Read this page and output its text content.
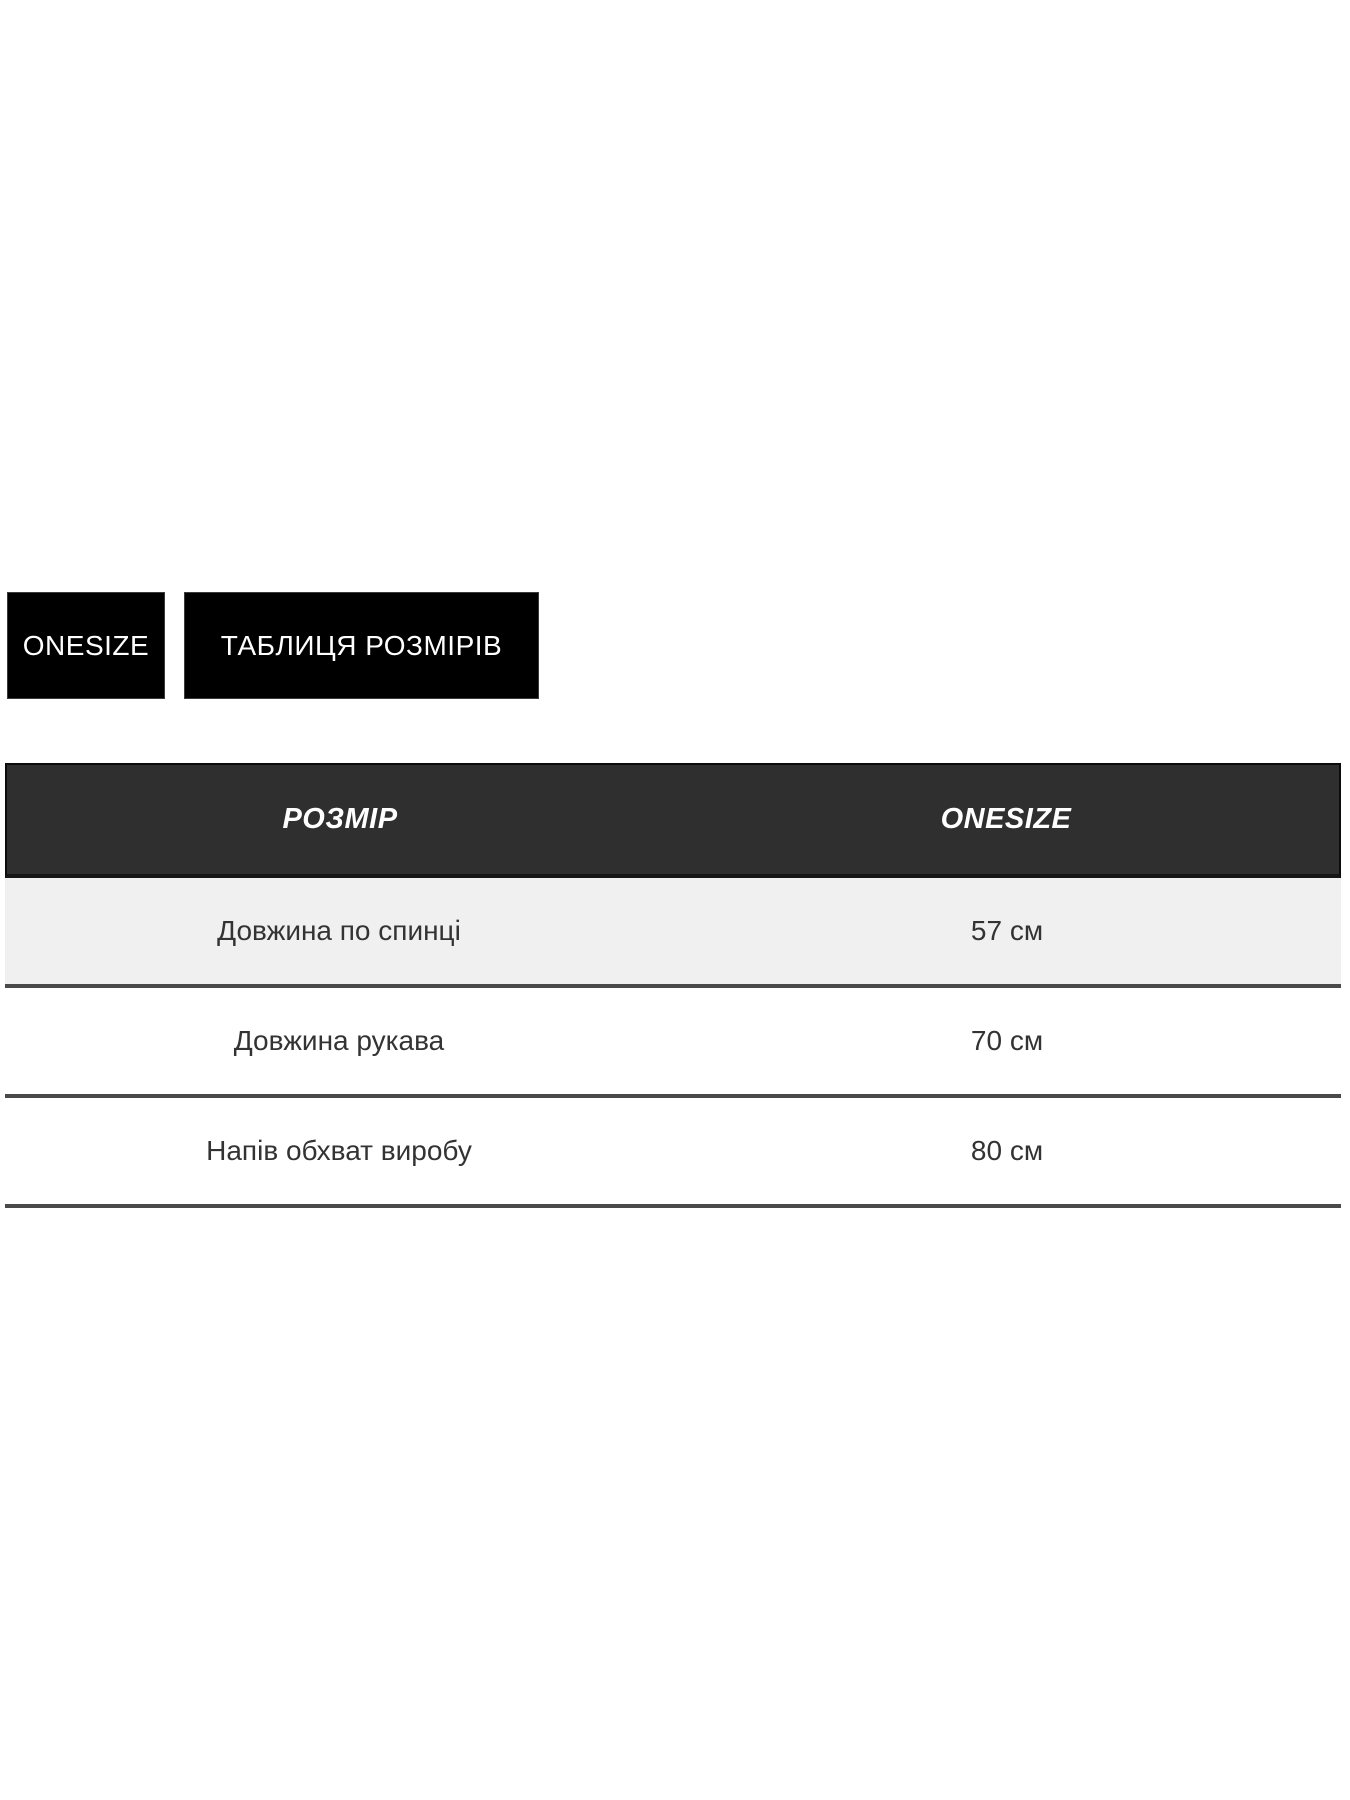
ONESIZE	ТАБЛИЦЯ РОЗМІРІВ
РОЗМІР	ONESIZE
Довжина по спинці	57 см
Довжина рукава	70 см
Напів обхват виробу	80 см
